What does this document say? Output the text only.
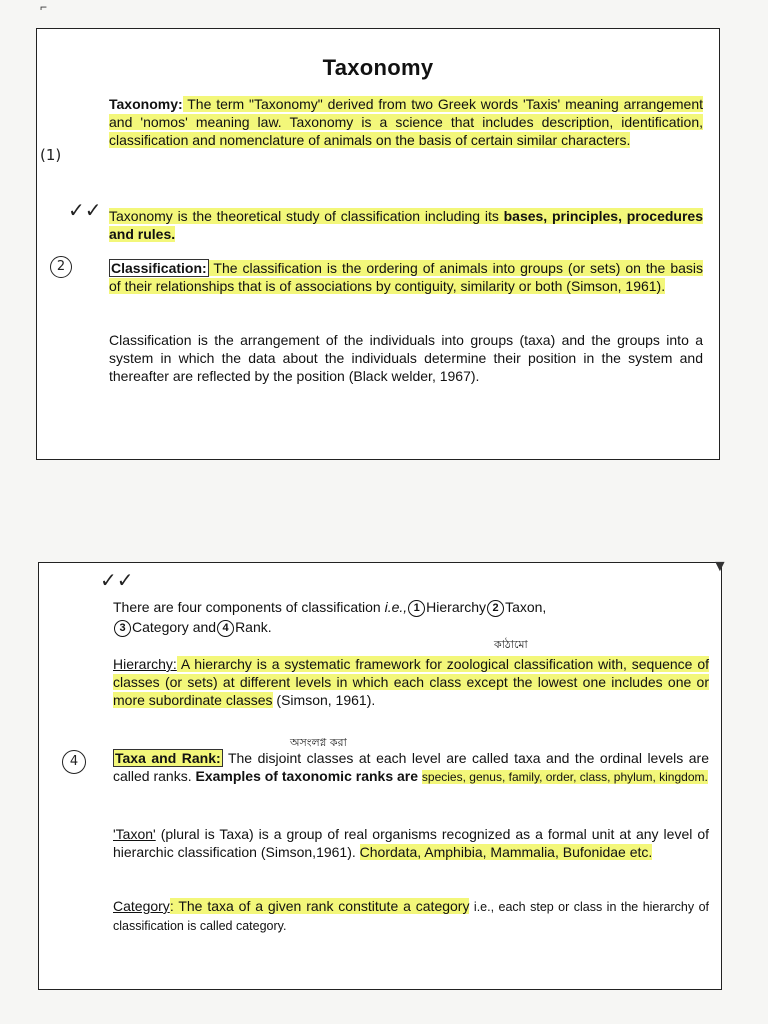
Taxonomy
Taxonomy: The term "Taxonomy" derived from two Greek words 'Taxis' meaning arrangement and 'nomos' meaning law. Taxonomy is a science that includes description, identification, classification and nomenclature of animals on the basis of certain similar characters.
Taxonomy is the theoretical study of classification including its bases, principles, procedures and rules.
Classification: The classification is the ordering of animals into groups (or sets) on the basis of their relationships that is of associations by contiguity, similarity or both (Simson, 1961).
Classification is the arrangement of the individuals into groups (taxa) and the groups into a system in which the data about the individuals determine their position in the system and thereafter are reflected by the position (Black welder, 1967).
(1)
✓✓
2
There are four components of classification i.e., 1 Hierarchy 2 Taxon,
3 Category and 4 Rank.
Hierarchy: A hierarchy is a systematic framework for zoological classification with, sequence of classes (or sets) at different levels in which each class except the lowest one includes one or more subordinate classes (Simson, 1961).
Taxa and Rank: The disjoint classes at each level are called taxa and the ordinal levels are called ranks. Examples of taxonomic ranks are species, genus, family, order, class, phylum, kingdom.
'Taxon' (plural is Taxa) is a group of real organisms recognized as a formal unit at any level of hierarchic classification (Simson,1961). Chordata, Amphibia, Mammalia, Bufonidae etc.
Category: The taxa of a given rank constitute a category i.e., each step or class in the hierarchy of classification is called category.
✓✓
4
কাঠামো
অসংলগ্ন করা
⌐
▼
